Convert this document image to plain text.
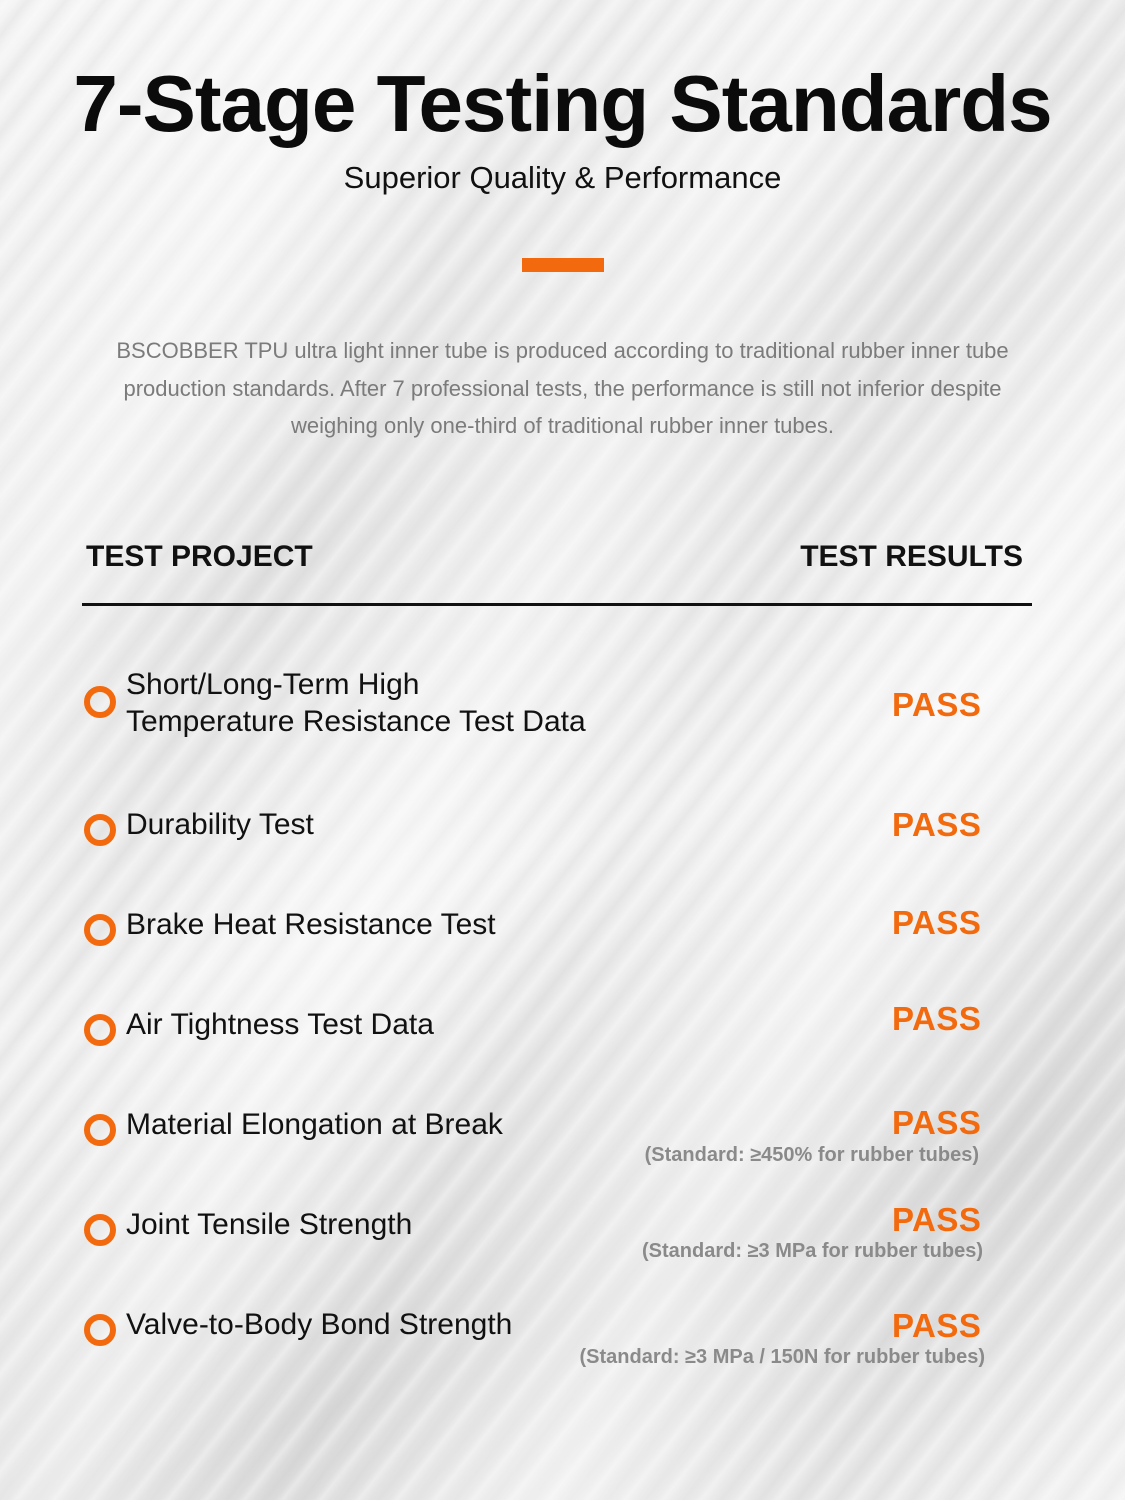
7-Stage Testing Standards
Superior Quality & Performance
BSCOBBER TPU ultra light inner tube is produced according to traditional rubber inner tube production standards. After 7 professional tests, the performance is still not inferior despite weighing only one-third of traditional rubber inner tubes.
TEST PROJECT	TEST RESULTS
Short/Long-Term High
Temperature Resistance Test Data	PASS
Durability Test	PASS
Brake Heat Resistance Test	PASS
Air Tightness Test Data	PASS
Material Elongation at Break	PASS
(Standard: ≥450% for rubber tubes)
Joint Tensile Strength	PASS
(Standard: ≥3 MPa for rubber tubes)
Valve-to-Body Bond Strength	PASS
(Standard: ≥3 MPa / 150N for rubber tubes)
